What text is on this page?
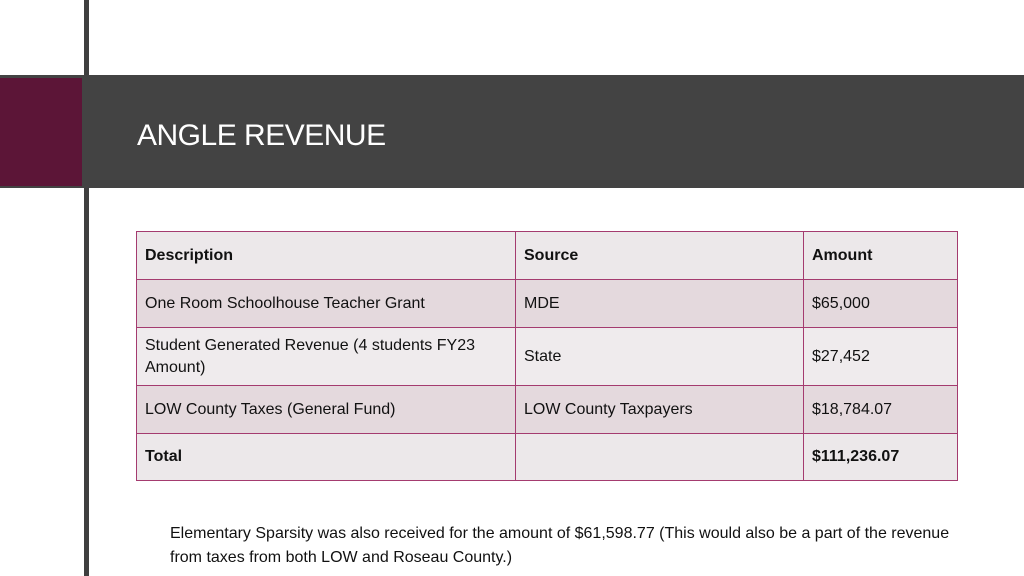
ANGLE REVENUE
Description	Source	Amount
One Room Schoolhouse Teacher Grant	MDE	$65,000
Student Generated Revenue (4 students FY23 Amount)	State	$27,452
LOW County Taxes (General Fund)	LOW County Taxpayers	$18,784.07
Total		$111,236.07

Elementary Sparsity was also received for the amount of $61,598.77 (This would also be a part of the revenue from taxes from both LOW and Roseau County.)
